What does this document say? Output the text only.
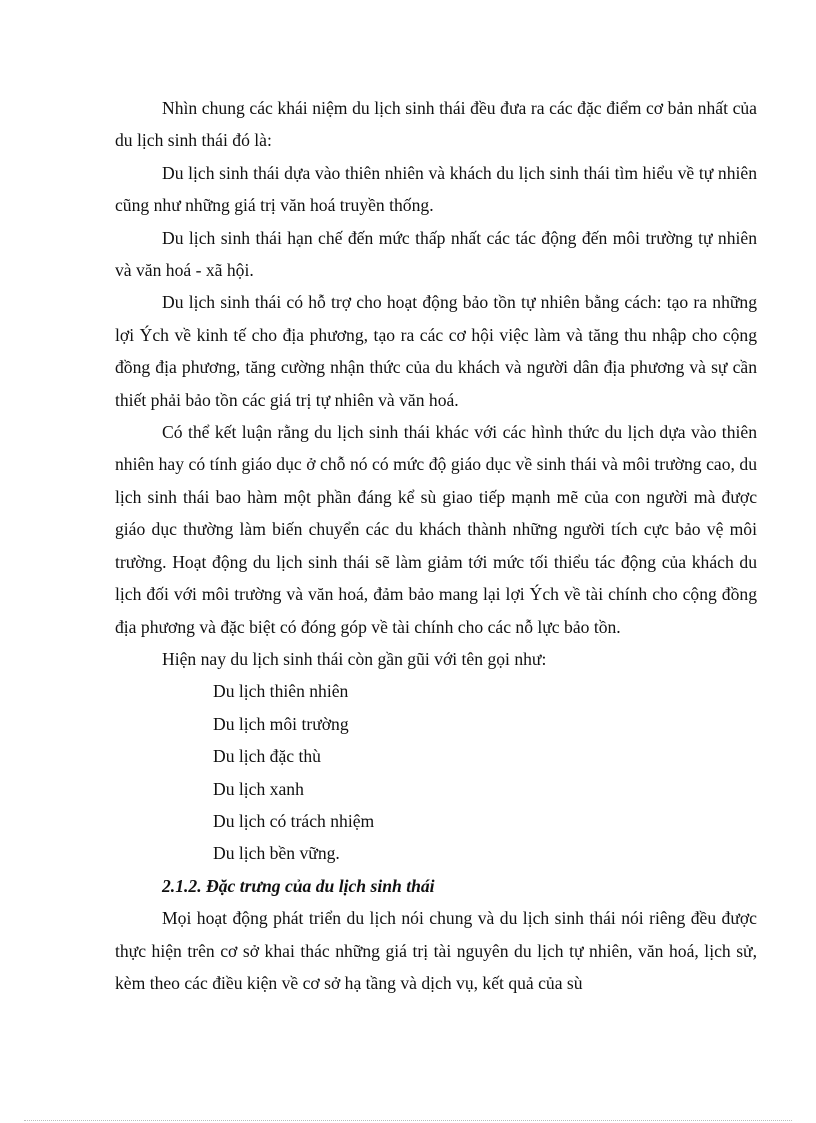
Nhìn chung các khái niệm du lịch sinh thái đều đưa ra các đặc điểm cơ bản nhất của du lịch sinh thái đó là:

Du lịch sinh thái dựa vào thiên nhiên và khách du lịch sinh thái tìm hiểu về tự nhiên cũng như những giá trị văn hoá truyền thống.

Du lịch sinh thái hạn chế đến mức thấp nhất các tác động đến môi trường tự nhiên và văn hoá - xã hội.

Du lịch sinh thái có hỗ trợ cho hoạt động bảo tồn tự nhiên bằng cách: tạo ra những lợi Ých về kinh tế cho địa phương, tạo ra các cơ hội việc làm và tăng thu nhập cho cộng đồng địa phương, tăng cường nhận thức của du khách và người dân địa phương và sự cần thiết phải bảo tồn các giá trị tự nhiên và văn hoá.

Có thể kết luận rằng du lịch sinh thái khác với các hình thức du lịch dựa vào thiên nhiên hay có tính giáo dục ở chỗ nó có mức độ giáo dục về sinh thái và môi trường cao, du lịch sinh thái bao hàm một phần đáng kể sù giao tiếp mạnh mẽ của con người mà được giáo dục thường làm biến chuyển các du khách thành những người tích cực bảo vệ môi trường. Hoạt động du lịch sinh thái sẽ làm giảm tới mức tối thiểu tác động của khách du lịch đối với môi trường và văn hoá, đảm bảo mang lại lợi Ých về tài chính cho cộng đồng địa phương và đặc biệt có đóng góp về tài chính cho các nỗ lực bảo tồn.

Hiện nay du lịch sinh thái còn gần gũi với tên gọi như:

Du lịch thiên nhiên
Du lịch môi trường
Du lịch đặc thù
Du lịch xanh
Du lịch có trách nhiệm
Du lịch bền vững.

2.1.2. Đặc trưng của du lịch sinh thái

Mọi hoạt động phát triển du lịch nói chung và du lịch sinh thái nói riêng đều được thực hiện trên cơ sở khai thác những giá trị tài nguyên du lịch tự nhiên, văn hoá, lịch sử, kèm theo các điều kiện về cơ sở hạ tầng và dịch vụ, kết quả của sù
